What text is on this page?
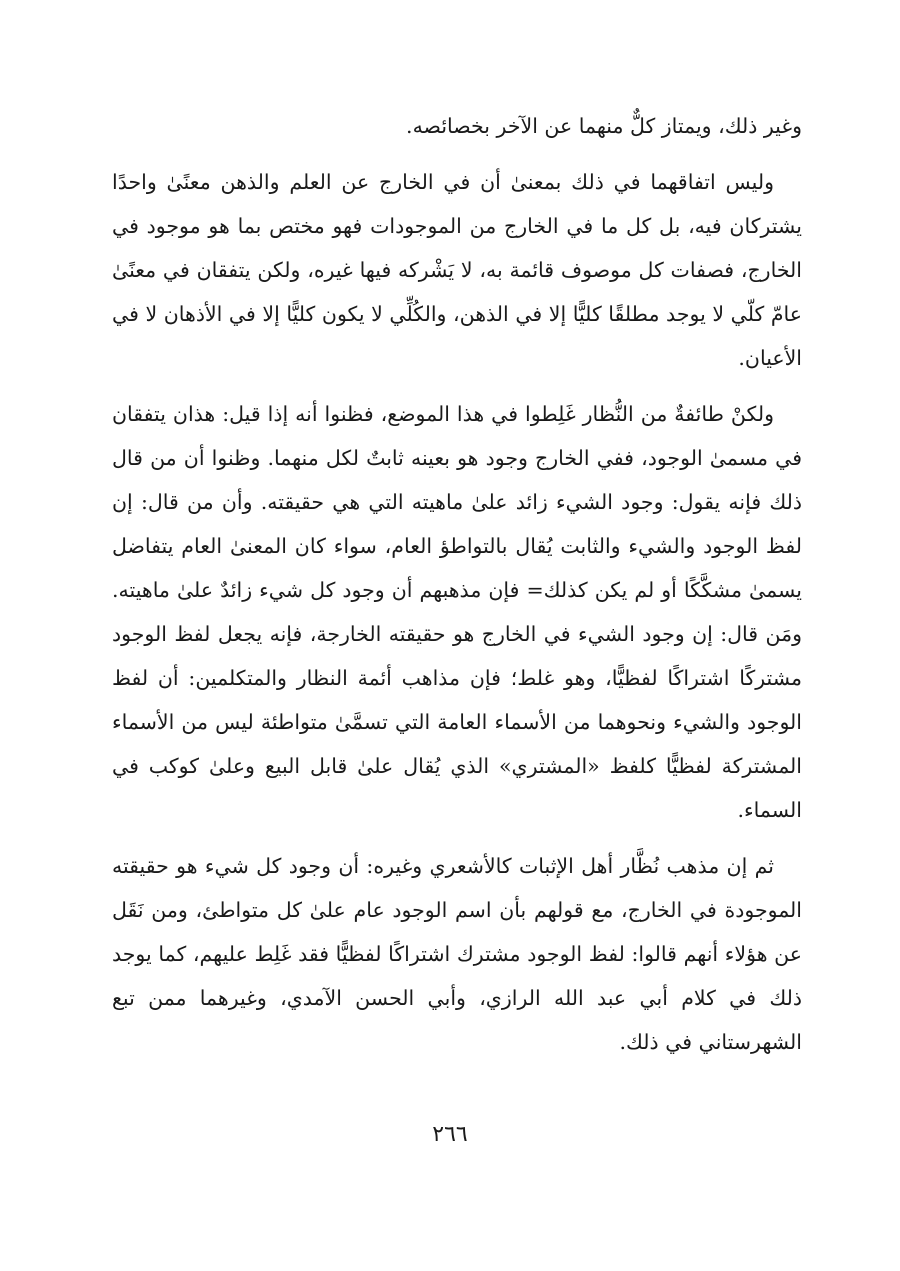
وغير ذلك، ويمتاز كلٌّ منهما عن الآخر بخصائصه.

وليس اتفاقهما في ذلك بمعنىٰ أن في الخارج عن العلم والذهن معنًىٰ واحدًا يشتركان فيه، بل كل ما في الخارج من الموجودات فهو مختص بما هو موجود في الخارج، فصفات كل موصوف قائمة به، لا يَشْركه فيها غيره، ولكن يتفقان في معنًىٰ عامّ كلّي لا يوجد مطلقًا كليًّا إلا في الذهن، والكُلِّي لا يكون كليًّا إلا في الأذهان لا في الأعيان.

ولكنْ طائفةٌ من النُّظار غَلِطوا في هذا الموضع، فظنوا أنه إذا قيل: هذان يتفقان في مسمىٰ الوجود، ففي الخارج وجود هو بعينه ثابتٌ لكل منهما. وظنوا أن من قال ذلك فإنه يقول: وجود الشيء زائد علىٰ ماهيته التي هي حقيقته. وأن من قال: إن لفظ الوجود والشيء والثابت يُقال بالتواطؤ العام، سواء كان المعنىٰ العام يتفاضل يسمىٰ مشكَّكًا أو لم يكن كذلك= فإن مذهبهم أن وجود كل شيء زائدٌ علىٰ ماهيته. ومَن قال: إن وجود الشيء في الخارج هو حقيقته الخارجة، فإنه يجعل لفظ الوجود مشتركًا اشتراكًا لفظيًّا، وهو غلط؛ فإن مذاهب أئمة النظار والمتكلمين: أن لفظ الوجود والشيء ونحوهما من الأسماء العامة التي تسمَّىٰ متواطئة ليس من الأسماء المشتركة لفظيًّا كلفظ «المشتري» الذي يُقال علىٰ قابل البيع وعلىٰ كوكب في السماء.

ثم إن مذهب نُظَّار أهل الإثبات كالأشعري وغيره: أن وجود كل شيء هو حقيقته الموجودة في الخارج، مع قولهم بأن اسم الوجود عام علىٰ كل متواطئ، ومن نَقَل عن هؤلاء أنهم قالوا: لفظ الوجود مشترك اشتراكًا لفظيًّا فقد غَلِط عليهم، كما يوجد ذلك في كلام أبي عبد الله الرازي، وأبي الحسن الآمدي، وغيرهما ممن تبع الشهرستاني في ذلك.

٢٦٦
